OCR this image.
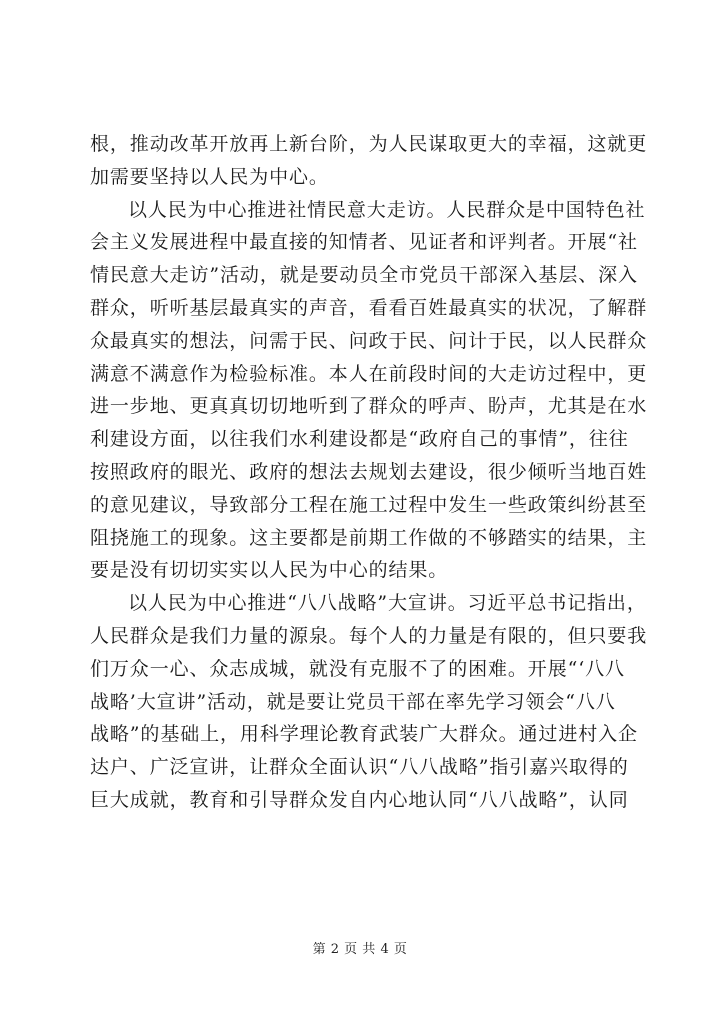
根，推动改革开放再上新台阶，为人民谋取更大的幸福，这就更
加需要坚持以人民为中心。
以人民为中心推进社情民意大走访。人民群众是中国特色社
会主义发展进程中最直接的知情者、见证者和评判者。开展“社
情民意大走访”活动，就是要动员全市党员干部深入基层、深入
群众，听听基层最真实的声音，看看百姓最真实的状况，了解群
众最真实的想法，问需于民、问政于民、问计于民，以人民群众
满意不满意作为检验标准。本人在前段时间的大走访过程中，更
进一步地、更真真切切地听到了群众的呼声、盼声，尤其是在水
利建设方面，以往我们水利建设都是“政府自己的事情”，往往
按照政府的眼光、政府的想法去规划去建设，很少倾听当地百姓
的意见建议，导致部分工程在施工过程中发生一些政策纠纷甚至
阻挠施工的现象。这主要都是前期工作做的不够踏实的结果，主
要是没有切切实实以人民为中心的结果。
以人民为中心推进“八八战略”大宣讲。习近平总书记指出，
人民群众是我们力量的源泉。每个人的力量是有限的，但只要我
们万众一心、众志成城，就没有克服不了的困难。开展“‘八八
战略’大宣讲”活动，就是要让党员干部在率先学习领会“八八
战略”的基础上，用科学理论教育武装广大群众。通过进村入企
达户、广泛宣讲，让群众全面认识“八八战略”指引嘉兴取得的
巨大成就，教育和引导群众发自内心地认同“八八战略”，认同
第 2 页 共 4 页
